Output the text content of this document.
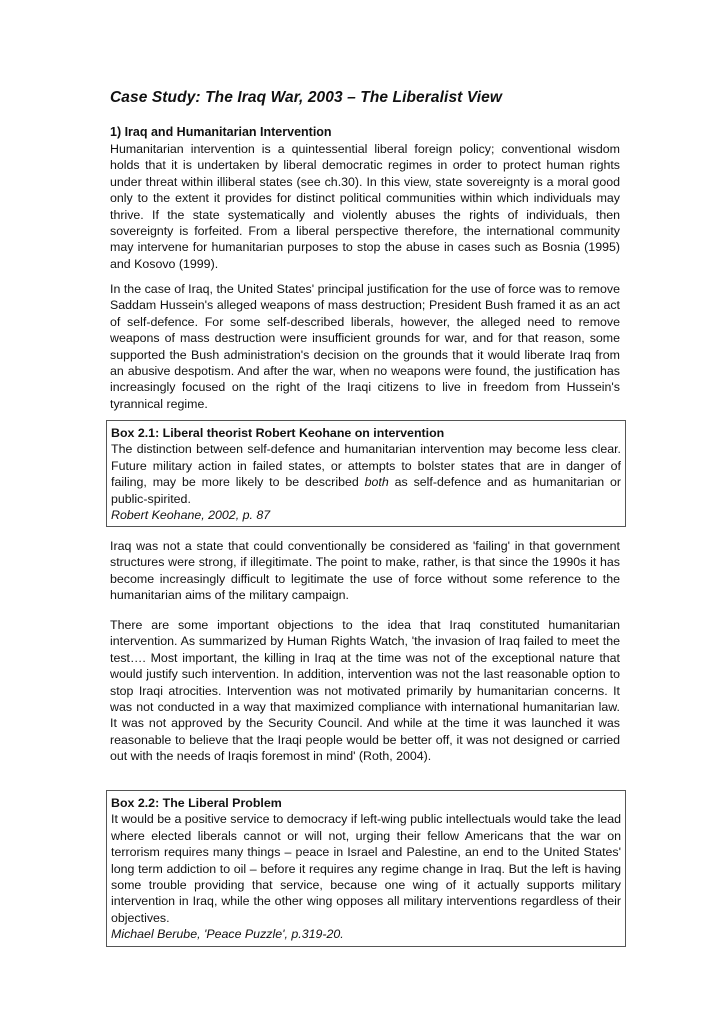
Case Study: The Iraq War, 2003 – The Liberalist View
1) Iraq and Humanitarian Intervention

Humanitarian intervention is a quintessential liberal foreign policy; conventional wisdom holds that it is undertaken by liberal democratic regimes in order to protect human rights under threat within illiberal states (see ch.30). In this view, state sovereignty is a moral good only to the extent it provides for distinct political communities within which individuals may thrive. If the state systematically and violently abuses the rights of individuals, then sovereignty is forfeited. From a liberal perspective therefore, the international community may intervene for humanitarian purposes to stop the abuse in cases such as Bosnia (1995) and Kosovo (1999).

In the case of Iraq, the United States' principal justification for the use of force was to remove Saddam Hussein's alleged weapons of mass destruction; President Bush framed it as an act of self-defence. For some self-described liberals, however, the alleged need to remove weapons of mass destruction were insufficient grounds for war, and for that reason, some supported the Bush administration's decision on the grounds that it would liberate Iraq from an abusive despotism. And after the war, when no weapons were found, the justification has increasingly focused on the right of the Iraqi citizens to live in freedom from Hussein's tyrannical regime.

Box 2.1: Liberal theorist Robert Keohane on intervention

The distinction between self-defence and humanitarian intervention may become less clear. Future military action in failed states, or attempts to bolster states that are in danger of failing, may be more likely to be described both as self-defence and as humanitarian or public-spirited.

Robert Keohane, 2002, p. 87

Iraq was not a state that could conventionally be considered as 'failing' in that government structures were strong, if illegitimate. The point to make, rather, is that since the 1990s it has become increasingly difficult to legitimate the use of force without some reference to the humanitarian aims of the military campaign.

There are some important objections to the idea that Iraq constituted humanitarian intervention. As summarized by Human Rights Watch, 'the invasion of Iraq failed to meet the test…. Most important, the killing in Iraq at the time was not of the exceptional nature that would justify such intervention. In addition, intervention was not the last reasonable option to stop Iraqi atrocities. Intervention was not motivated primarily by humanitarian concerns. It was not conducted in a way that maximized compliance with international humanitarian law. It was not approved by the Security Council. And while at the time it was launched it was reasonable to believe that the Iraqi people would be better off, it was not designed or carried out with the needs of Iraqis foremost in mind' (Roth, 2004).

Box 2.2: The Liberal Problem

It would be a positive service to democracy if left-wing public intellectuals would take the lead where elected liberals cannot or will not, urging their fellow Americans that the war on terrorism requires many things – peace in Israel and Palestine, an end to the United States' long term addiction to oil – before it requires any regime change in Iraq. But the left is having some trouble providing that service, because one wing of it actually supports military intervention in Iraq, while the other wing opposes all military interventions regardless of their objectives.

Michael Berube, 'Peace Puzzle', p.319-20.
